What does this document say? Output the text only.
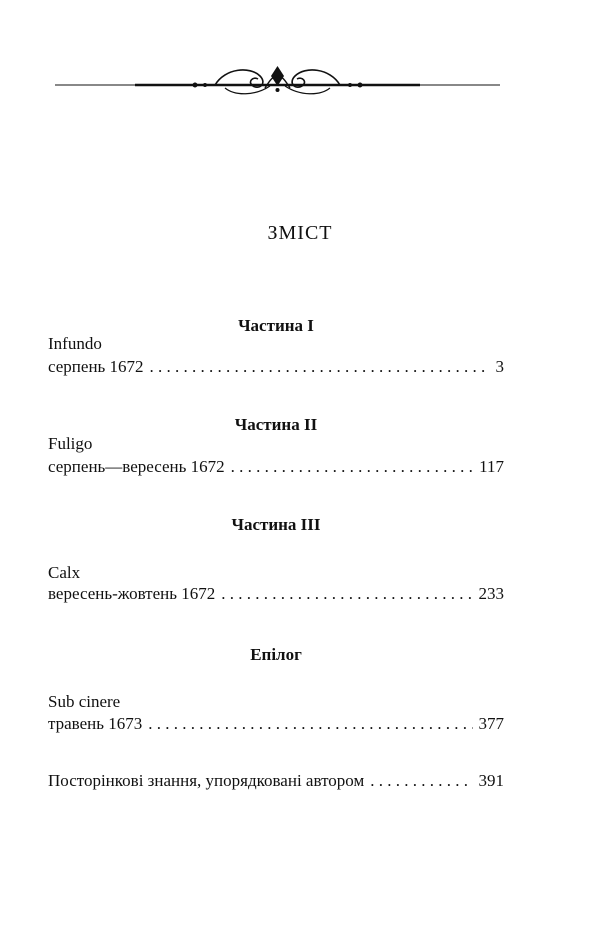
ЗМІСТ
Частина І
Infundo
серпень 1672 . . .	3
Частина ІІ
Fuligo
серпень—вересень 1672 . . .	117
Частина ІІІ
Calx
вересень-жовтень 1672 . . .	233
Епілог
Sub cinere
травень 1673 . . .	377
Посторінкові знання, упорядковані автором . . .	391
